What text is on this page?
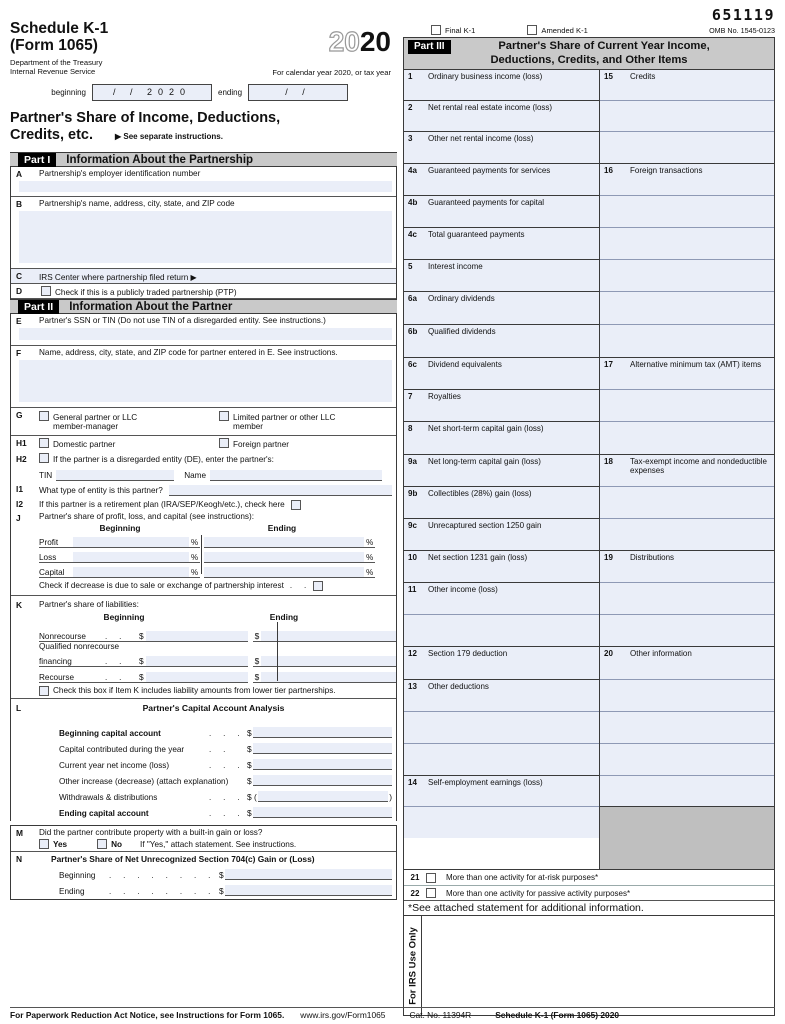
2020
Schedule K-1
(Form 1065)
Department of the Treasury
Internal Revenue Service	For calendar year 2020, or tax year
beginning	/ / 2020	ending	/ /
Partner's Share of Income, Deductions,
Credits, etc.	▶ See separate instructions.
Part I	Information About the Partnership
A	Partnership's employer identification number
B	Partnership's name, address, city, state, and ZIP code
C	IRS Center where partnership filed return ▶
D	Check if this is a publicly traded partnership (PTP)
Part II	Information About the Partner
E	Partner's SSN or TIN (Do not use TIN of a disregarded entity. See instructions.)
F	Name, address, city, state, and ZIP code for partner entered in E. See instructions.
G	General partner or LLC
member-manager
Limited partner or other LLC
member
H1	Domestic partner	Foreign partner
H2	If the partner is a disregarded entity (DE), enter the partner's:
TIN	Name
I1	What type of entity is this partner?
I2	If this partner is a retirement plan (IRA/SEP/Keogh/etc.), check here
J	Partner's share of profit, loss, and capital (see instructions):
Beginning	Ending
Profit	%	%
Loss	%	%
Capital	%	%
Check if decrease is due to sale or exchange of partnership interest .  .
K	Partner's share of liabilities:
Beginning	Ending
Nonrecourse	.  .	$	$
Qualified nonrecourse
financing	.  .	$	$
Recourse	.  .	$	$
Check this box if Item K includes liability amounts from lower tier partnerships.
L	Partner's Capital Account Analysis
Beginning capital account	.  .  . $
Capital contributed during the year	.  .	$
Current year net income (loss)	.  .  . $
Other increase (decrease) (attach explanation)	$
Withdrawals & distributions	.  .  . $ (	)
Ending capital account	.  .  . $
M	Did the partner contribute property with a built-in gain or loss?
Yes	No If "Yes," attach statement. See instructions.
N	Partner's Share of Net Unrecognized Section 704(c) Gain or (Loss)
Beginning	.  .  .  .  .  .  .  . $
Ending	.  .  .  .  .  .  .  . $
651119
Final K-1	Amended K-1	OMB No. 1545-0123
Part III	Partner's Share of Current Year Income,
Deductions, Credits, and Other Items
1 Ordinary business income (loss)
2 Net rental real estate income (loss)
3 Other net rental income (loss)
4a Guaranteed payments for services
4b Guaranteed payments for capital
4c Total guaranteed payments
5 Interest income
6a Ordinary dividends
6b Qualified dividends
6c Dividend equivalents
7 Royalties
8 Net short-term capital gain (loss)
9a Net long-term capital gain (loss)
9b Collectibles (28%) gain (loss)
9c Unrecaptured section 1250 gain
10 Net section 1231 gain (loss)
11 Other income (loss)
12 Section 179 deduction
13 Other deductions
14 Self-employment earnings (loss)
15 Credits
16 Foreign transactions
17 Alternative minimum tax (AMT) items
18 Tax-exempt income and nondeductible expenses
19 Distributions
20 Other information
21	More than one activity for at-risk purposes*
22	More than one activity for passive activity purposes*
*See attached statement for additional information.
For IRS Use Only
For Paperwork Reduction Act Notice, see Instructions for Form 1065. www.irs.gov/Form1065	Cat. No. 11394R	Schedule K-1 (Form 1065) 2020
